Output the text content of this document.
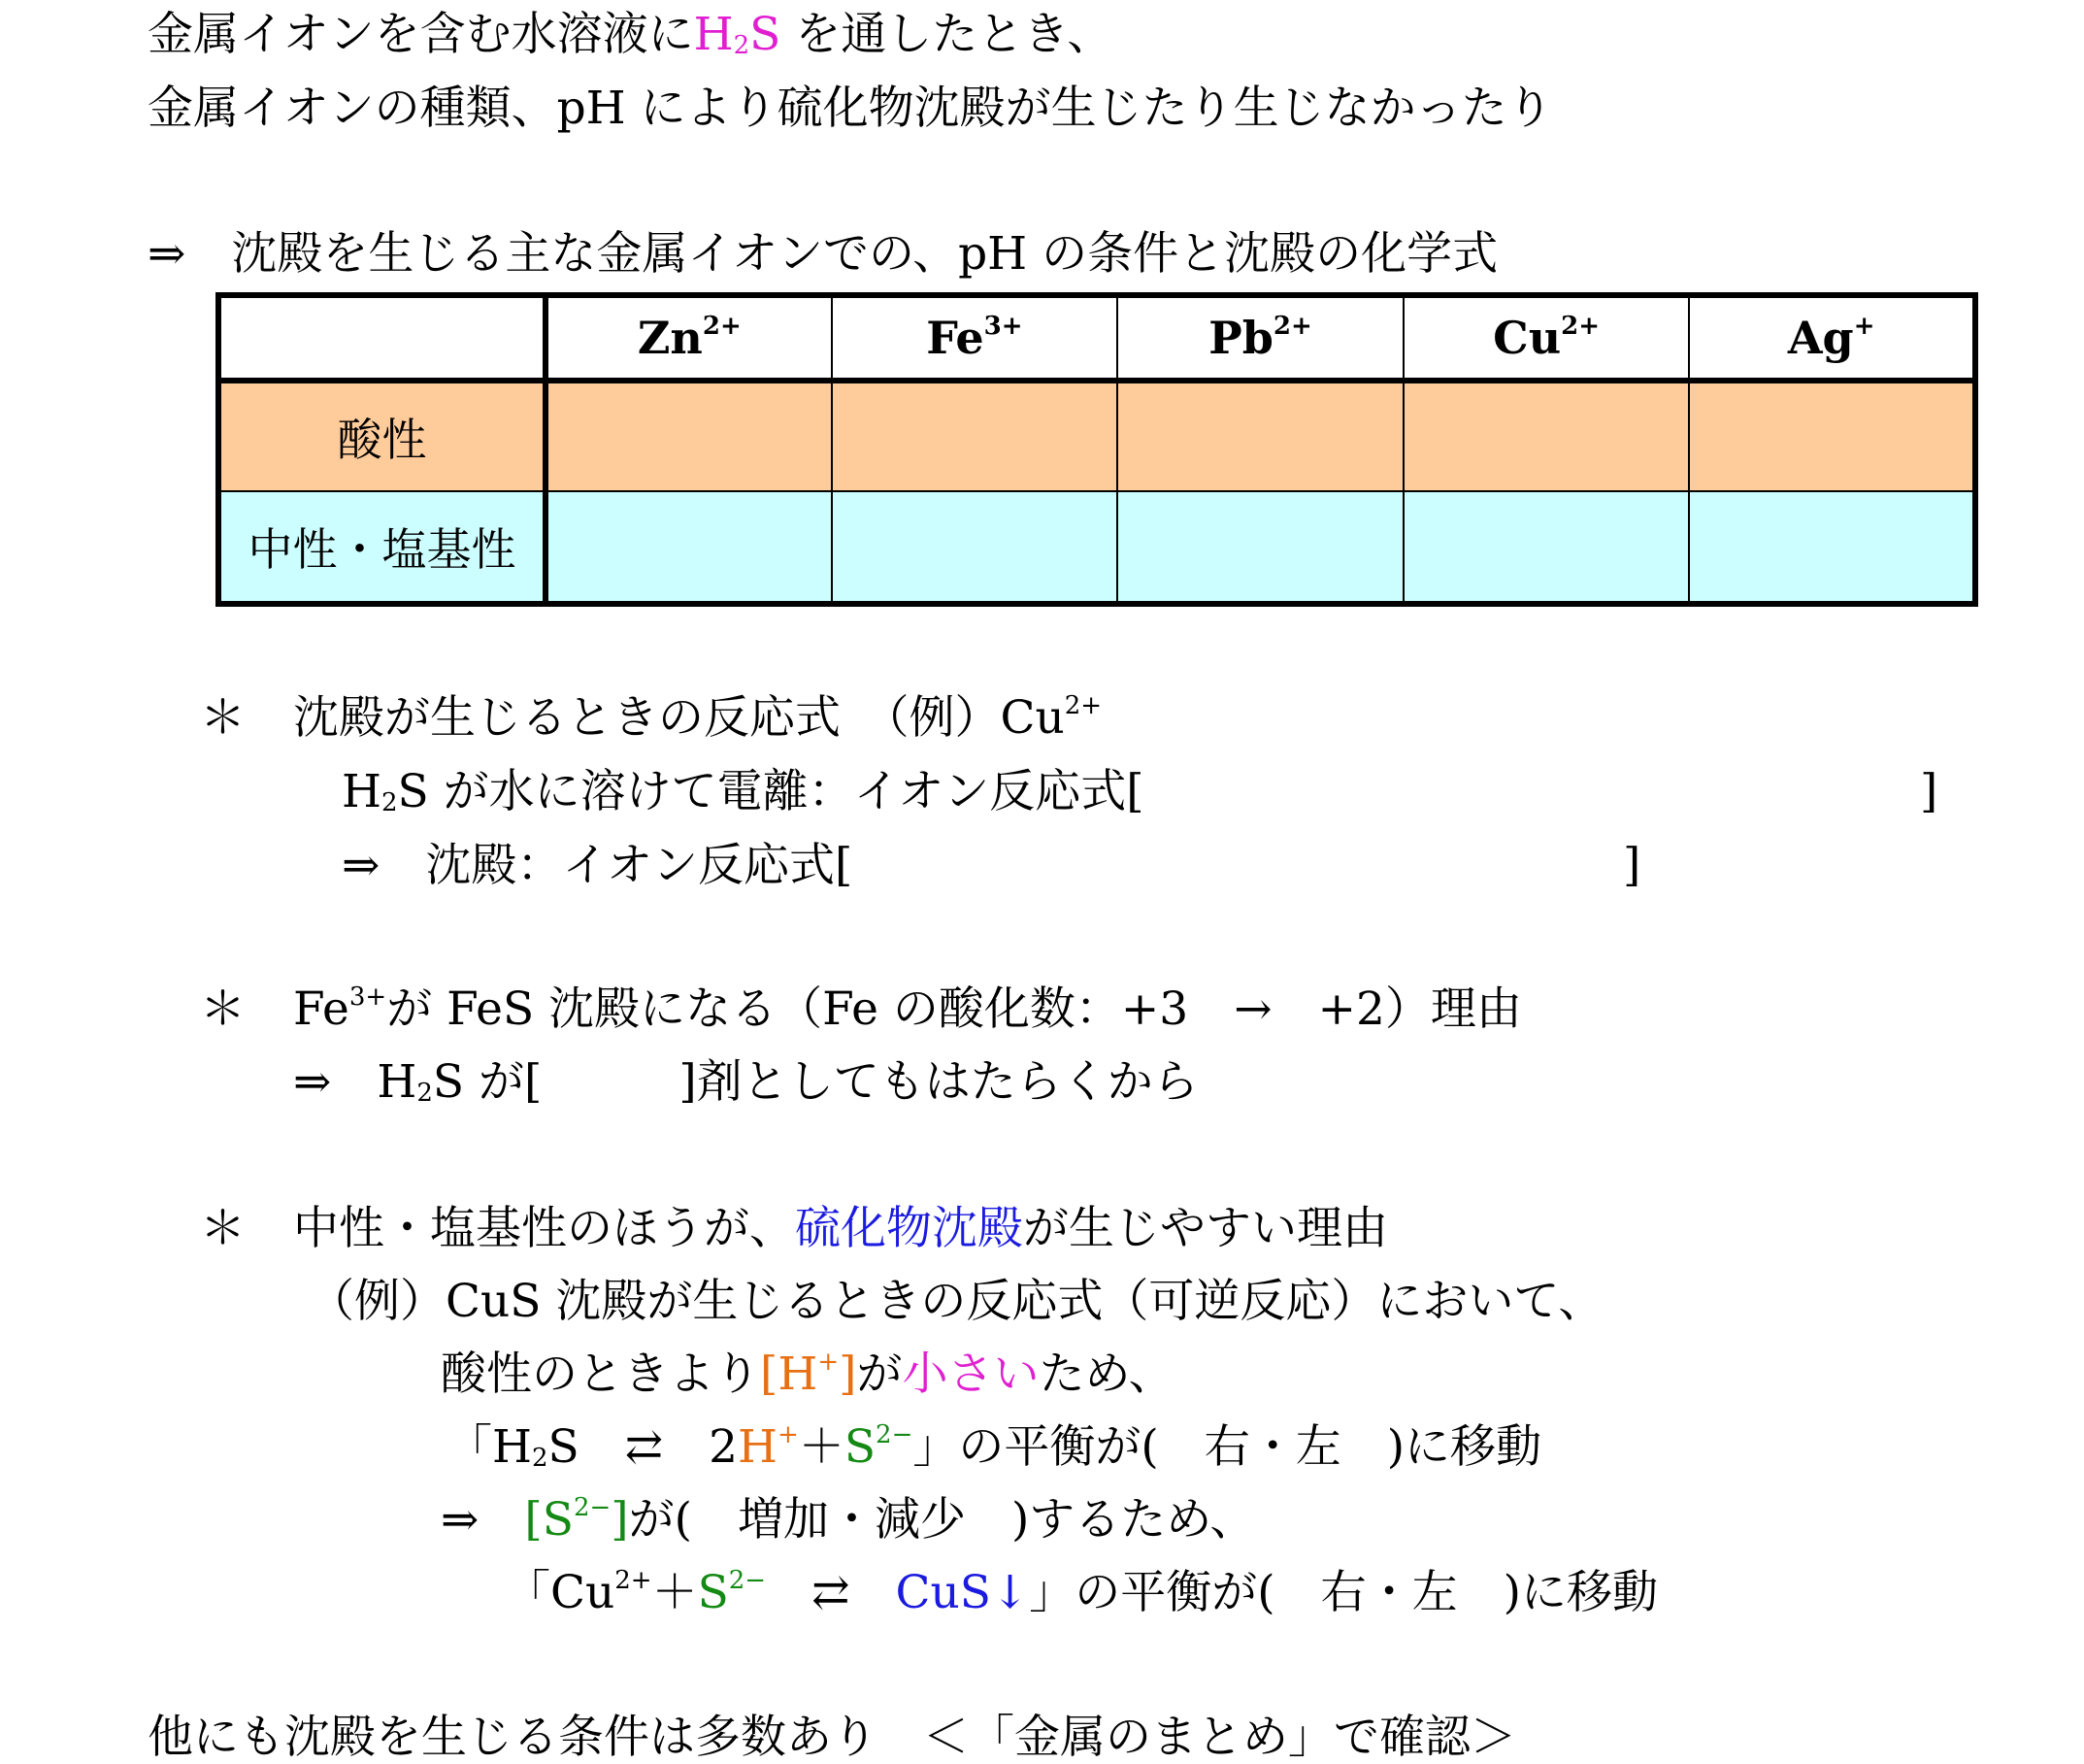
金属イオンを含む水溶液に$H_2S$ を通したとき、
金属イオンの種類、pH により硫化物沈殿が生じたり生じなかったり
⇒　沈殿を生じる主な金属イオンでの、pH の条件と沈殿の化学式
	$Zn^{2+}$	$Fe^{3+}$	$Pb^{2+}$	$Cu^{2+}$	Ag+
酸性					
中性・塩基性					
＊ 沈殿が生じるときの反応式　（例）$Cu^{2+}$
$H_2S$ が水に溶けて電離：イオン反応式[	]
⇒　沈殿：イオン反応式[	]
＊ $Fe^{3+}$が FeS 沈殿になる（Fe の酸化数：+3　→　+2）理由
⇒　$H_2S$ が[　　　]剤としてもはたらくから
＊ 中性・塩基性のほうが、硫化物沈殿が生じやすい理由
（例）CuS 沈殿が生じるときの反応式（可逆反応）において、
酸性のときより[H+]が小さいため、
「$H_2S$　⇄　$2H^++S^{2-}$」の平衡が(　右・左　)に移動
⇒　$[S^{2-}]$が(　増加・減少　)するため、
「$Cu^{2+}+S^{2-}$　⇄　CuS↓」の平衡が(　右・左　)に移動
他にも沈殿を生じる条件は多数あり　＜「金属のまとめ」で確認＞
